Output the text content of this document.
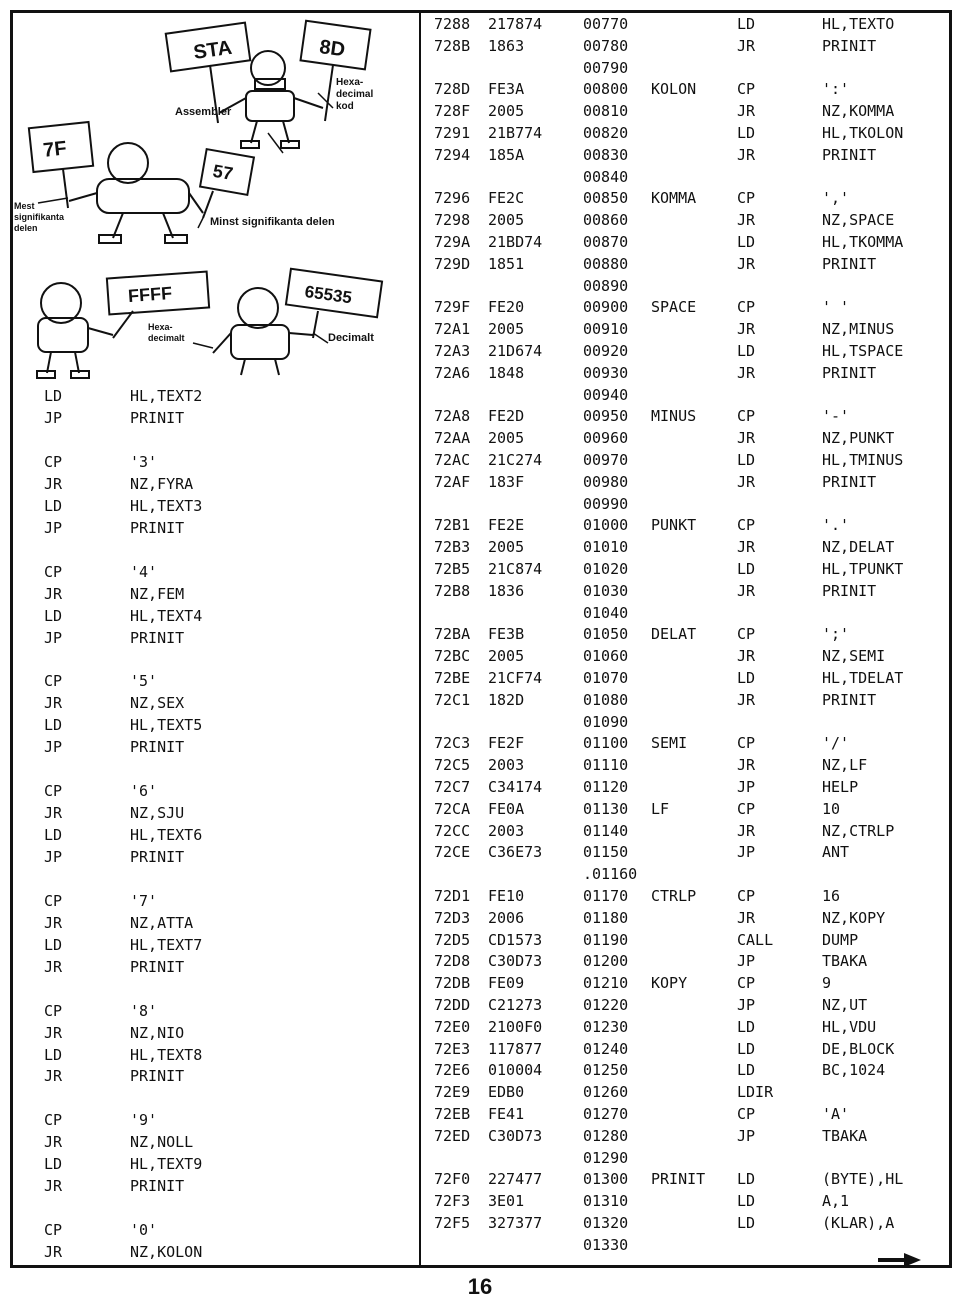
STA	8D
Assembler
Hexa-
decimal
kod
7F
57
Mest
signifikanta
delen	Minst signifikanta delen
FFFF	65535
Hexa-
decimalt	Decimalt
LD	HL,TEXT2
JP	PRINIT
CP	'3'
JR	NZ,FYRA
LD	HL,TEXT3
JP	PRINIT
CP	'4'
JR	NZ,FEM
LD	HL,TEXT4
JP	PRINIT
CP	'5'
JR	NZ,SEX
LD	HL,TEXT5
JP	PRINIT
CP	'6'
JR	NZ,SJU
LD	HL,TEXT6
JP	PRINIT
CP	'7'
JR	NZ,ATTA
LD	HL,TEXT7
JR	PRINIT
CP	'8'
JR	NZ,NIO
LD	HL,TEXT8
JR	PRINIT
CP	'9'
JR	NZ,NOLL
LD	HL,TEXT9
JR	PRINIT
CP	'0'
JR	NZ,KOLON
7288 217874	00770	LD	HL,TEXTO
728B 1863	00780	JR	PRINIT
00790
728D FE3A	00800 KOLON	CP	':'
728F 2005	00810	JR	NZ,KOMMA
7291 21B774	00820	LD	HL,TKOLON
7294 185A	00830	JR	PRINIT
00840
7296 FE2C	00850 KOMMA	CP	','
7298 2005	00860	JR	NZ,SPACE
729A 21BD74	00870	LD	HL,TKOMMA
729D 1851	00880	JR	PRINIT
00890
729F FE20	00900 SPACE	CP	' '
72A1 2005	00910	JR	NZ,MINUS
72A3 21D674	00920	LD	HL,TSPACE
72A6 1848	00930	JR	PRINIT
00940
72A8 FE2D	00950 MINUS	CP	'-'
72AA 2005	00960	JR	NZ,PUNKT
72AC 21C274	00970	LD	HL,TMINUS
72AF 183F	00980	JR	PRINIT
00990
72B1 FE2E	01000 PUNKT	CP	'.'
72B3 2005	01010	JR	NZ,DELAT
72B5 21C874	01020	LD	HL,TPUNKT
72B8 1836	01030	JR	PRINIT
01040
72BA FE3B	01050 DELAT	CP	';'
72BC 2005	01060	JR	NZ,SEMI
72BE 21CF74	01070	LD	HL,TDELAT
72C1 182D	01080	JR	PRINIT
01090
72C3 FE2F	01100 SEMI	CP	'/'
72C5 2003	01110	JR	NZ,LF
72C7 C34174	01120	JP	HELP
72CA FE0A	01130 LF	CP	10
72CC 2003	01140	JR	NZ,CTRLP
72CE C36E73	01150	JP	ANT
.01160
72D1 FE10	01170 CTRLP	CP	16
72D3 2006	01180	JR	NZ,KOPY
72D5 CD1573	01190	CALL	DUMP
72D8 C30D73	01200	JP	TBAKA
72DB FE09	01210 KOPY	CP	9
72DD C21273	01220	JP	NZ,UT
72E0 2100F0	01230	LD	HL,VDU
72E3 117877	01240	LD	DE,BLOCK
72E6 010004	01250	LD	BC,1024
72E9 EDB0	01260	LDIR
72EB FE41	01270	CP	'A'
72ED C30D73	01280	JP	TBAKA
01290
72F0 227477	01300 PRINIT LD	(BYTE),HL
72F3 3E01	01310	LD	A,1
72F5 327377	01320	LD	(KLAR),A
01330
16
